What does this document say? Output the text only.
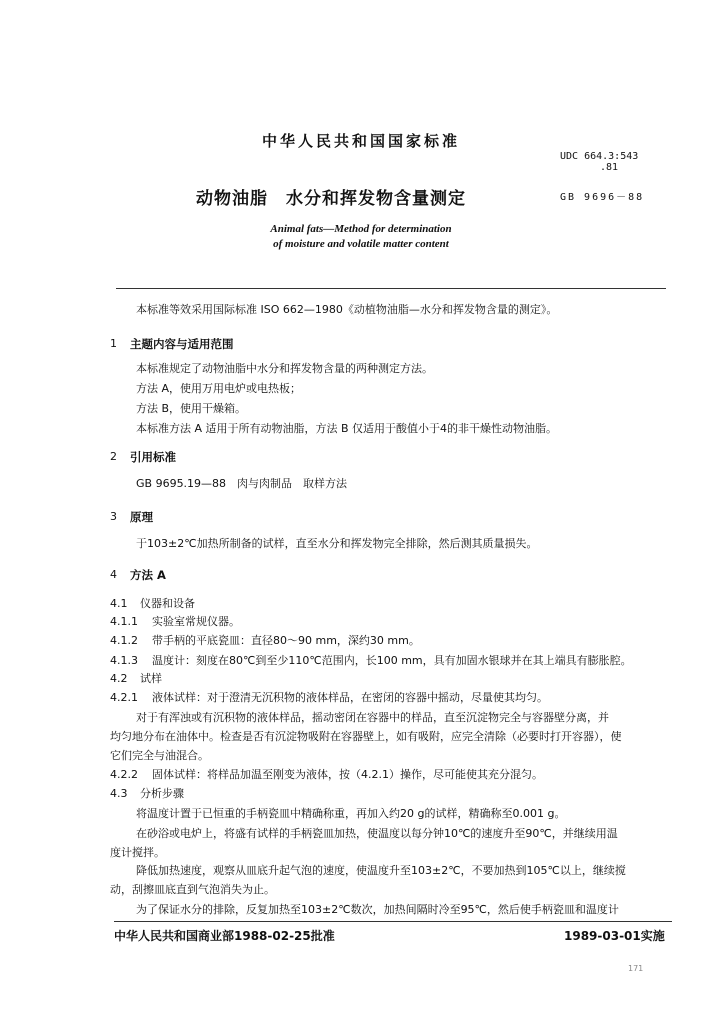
中华人民共和国国家标准
UDC 664.3:543
.81
动物油脂　水分和挥发物含量测定	GB 9696－88
Animal fats—Method for determination
of moisture and volatile matter content
本标准等效采用国际标准 ISO 662—1980《动植物油脂—水分和挥发物含量的测定》。
1 主题内容与适用范围
本标准规定了动物油脂中水分和挥发物含量的两种测定方法。
方法 A，使用万用电炉或电热板；
方法 B，使用干燥箱。
本标准方法 A 适用于所有动物油脂，方法 B 仅适用于酸值小于4的非干燥性动物油脂。
2 引用标准
GB 9695.19—88　肉与肉制品　取样方法
3 原理
于103±2℃加热所制备的试样，直至水分和挥发物完全排除，然后测其质量损失。
4 方法 A
4.1 仪器和设备
4.1.1 实验室常规仪器。
4.1.2 带手柄的平底瓷皿：直径80～90 mm，深约30 mm。
4.1.3 温度计：刻度在80℃到至少110℃范围内，长100 mm，具有加固水银球并在其上端具有膨胀腔。
4.2 试样
4.2.1 液体试样：对于澄清无沉积物的液体样品，在密闭的容器中摇动，尽量使其均匀。
对于有浑浊或有沉积物的液体样品，摇动密闭在容器中的样品，直至沉淀物完全与容器壁分离，并
均匀地分布在油体中。检查是否有沉淀物吸附在容器壁上，如有吸附，应完全清除（必要时打开容器），使
它们完全与油混合。
4.2.2 固体试样：将样品加温至刚变为液体，按（4.2.1）操作，尽可能使其充分混匀。
4.3 分析步骤
将温度计置于已恒重的手柄瓷皿中精确称重，再加入约20 g的试样，精确称至0.001 g。
在砂浴或电炉上，将盛有试样的手柄瓷皿加热，使温度以每分钟10℃的速度升至90℃，并继续用温
度计搅拌。
降低加热速度，观察从皿底升起气泡的速度，使温度升至103±2℃，不要加热到105℃以上，继续搅
动，刮擦皿底直到气泡消失为止。
为了保证水分的排除，反复加热至103±2℃数次，加热间隔时冷至95℃，然后使手柄瓷皿和温度计
中华人民共和国商业部1988-02-25批准	1989-03-01实施
171
